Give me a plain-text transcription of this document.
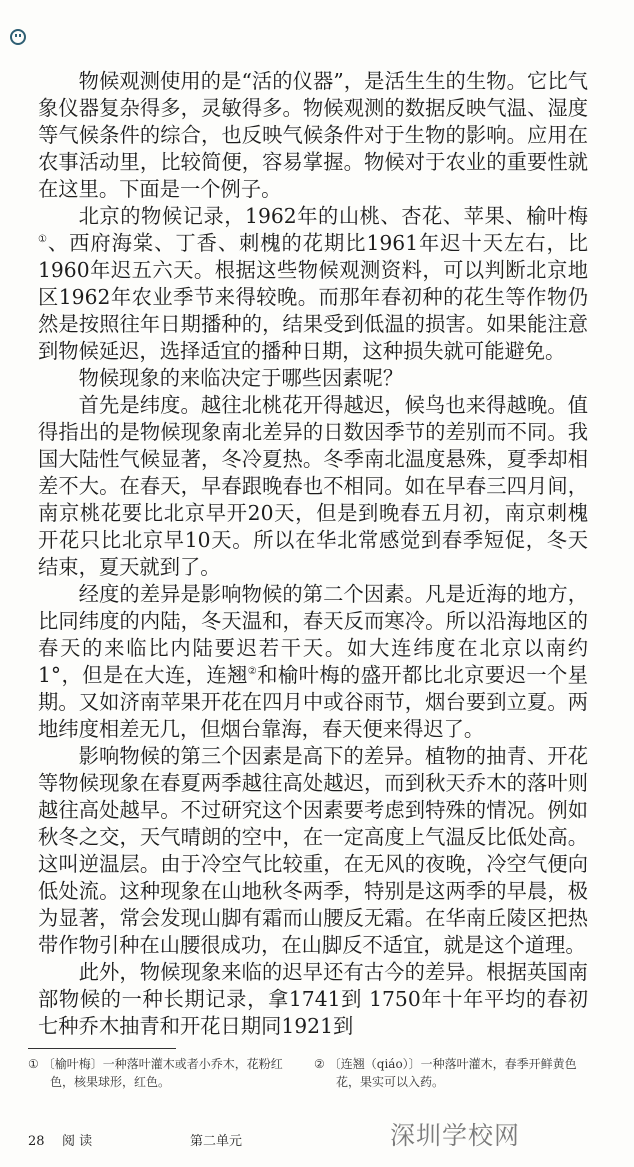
物候观测使用的是“活的仪器”，是活生生的生物。它比气象仪器复杂得多，灵敏得多。物候观测的数据反映气温、湿度等气候条件的综合，也反映气候条件对于生物的影响。应用在农事活动里，比较简便，容易掌握。物候对于农业的重要性就在这里。下面是一个例子。

北京的物候记录，1962年的山桃、杏花、苹果、榆叶梅①、西府海棠、丁香、刺槐的花期比1961年迟十天左右，比1960年迟五六天。根据这些物候观测资料，可以判断北京地区1962年农业季节来得较晚。而那年春初种的花生等作物仍然是按照往年日期播种的，结果受到低温的损害。如果能注意到物候延迟，选择适宜的播种日期，这种损失就可能避免。

物候现象的来临决定于哪些因素呢？

首先是纬度。越往北桃花开得越迟，候鸟也来得越晚。值得指出的是物候现象南北差异的日数因季节的差别而不同。我国大陆性气候显著，冬冷夏热。冬季南北温度悬殊，夏季却相差不大。在春天，早春跟晚春也不相同。如在早春三四月间，南京桃花要比北京早开20天，但是到晚春五月初，南京刺槐开花只比北京早10天。所以在华北常感觉到春季短促，冬天结束，夏天就到了。

经度的差异是影响物候的第二个因素。凡是近海的地方，比同纬度的内陆，冬天温和，春天反而寒冷。所以沿海地区的春天的来临比内陆要迟若干天。如大连纬度在北京以南约1°，但是在大连，连翘②和榆叶梅的盛开都比北京要迟一个星期。又如济南苹果开花在四月中或谷雨节，烟台要到立夏。两地纬度相差无几，但烟台靠海，春天便来得迟了。

影响物候的第三个因素是高下的差异。植物的抽青、开花等物候现象在春夏两季越往高处越迟，而到秋天乔木的落叶则越往高处越早。不过研究这个因素要考虑到特殊的情况。例如秋冬之交，天气晴朗的空中，在一定高度上气温反比低处高。这叫逆温层。由于冷空气比较重，在无风的夜晚，冷空气便向低处流。这种现象在山地秋冬两季，特别是这两季的早晨，极为显著，常会发现山脚有霜而山腰反无霜。在华南丘陵区把热带作物引种在山腰很成功，在山脚反不适宜，就是这个道理。

此外，物候现象来临的迟早还有古今的差异。根据英国南部物候的一种长期记录，拿1741到 1750年十年平均的春初七种乔木抽青和开花日期同1921到

① 〔榆叶梅〕一种落叶灌木或者小乔木，花粉红
色，核果球形，红色。
② 〔连翘（qiáo）〕一种落叶灌木，春季开鲜黄色
花，果实可以入药。
28	阅 读	第二单元	深圳学校网
